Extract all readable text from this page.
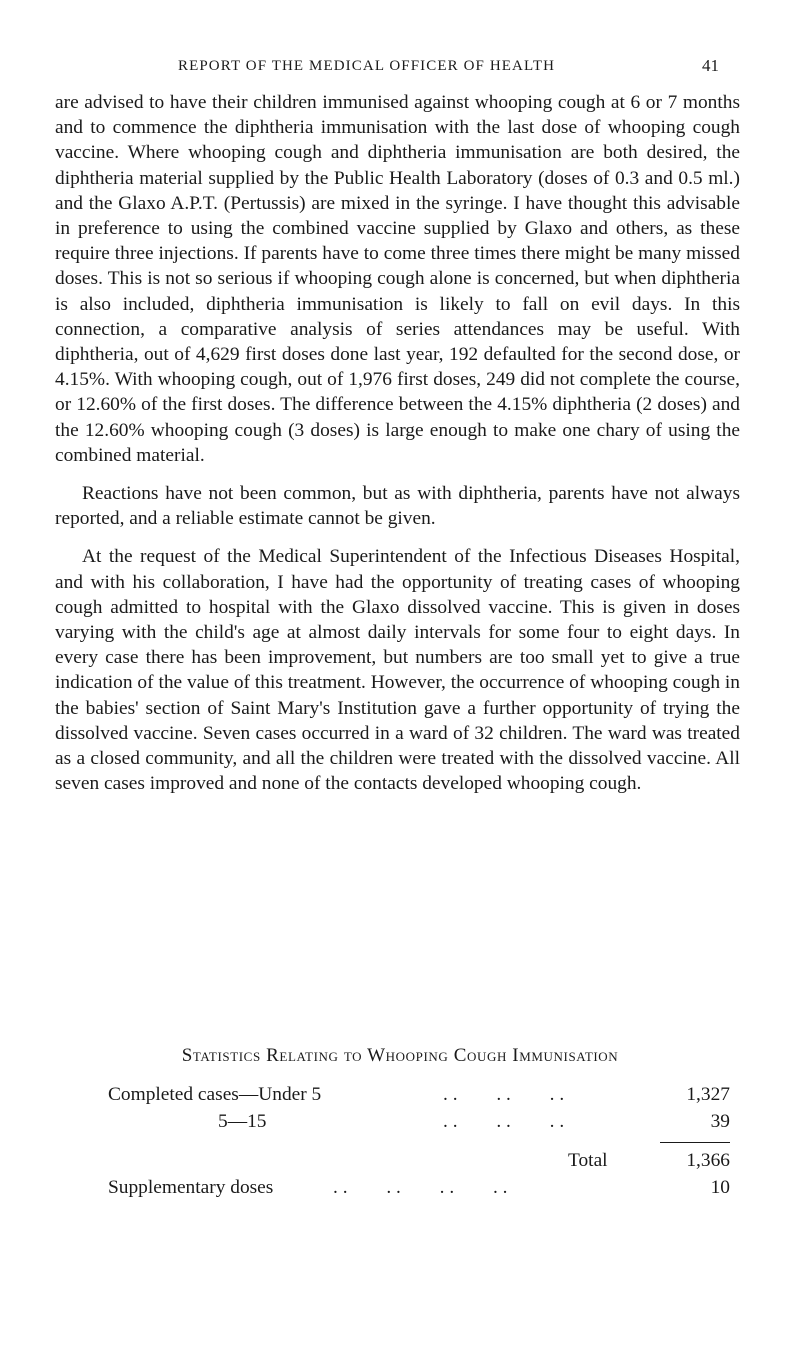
REPORT OF THE MEDICAL OFFICER OF HEALTH	41

are advised to have their children immunised against whooping cough at 6 or 7 months and to commence the diphtheria immunisation with the last dose of whooping cough vaccine. Where whooping cough and diphtheria immunisation are both desired, the diphtheria material supplied by the Public Health Laboratory (doses of 0.3 and 0.5 ml.) and the Glaxo A.P.T. (Pertussis) are mixed in the syringe. I have thought this advisable in preference to using the combined vaccine supplied by Glaxo and others, as these require three injections. If parents have to come three times there might be many missed doses. This is not so serious if whooping cough alone is concerned, but when diphtheria is also included, diphtheria immunisation is likely to fall on evil days. In this connection, a comparative analysis of series attendances may be useful. With diphtheria, out of 4,629 first doses done last year, 192 defaulted for the second dose, or 4.15%. With whooping cough, out of 1,976 first doses, 249 did not complete the course, or 12.60% of the first doses. The difference between the 4.15% diphtheria (2 doses) and the 12.60% whooping cough (3 doses) is large enough to make one chary of using the combined material.

Reactions have not been common, but as with diphtheria, parents have not always reported, and a reliable estimate cannot be given.

At the request of the Medical Superintendent of the Infectious Diseases Hospital, and with his collaboration, I have had the opportunity of treating cases of whooping cough admitted to hospital with the Glaxo dissolved vaccine. This is given in doses varying with the child's age at almost daily intervals for some four to eight days. In every case there has been improvement, but numbers are too small yet to give a true indication of the value of this treatment. However, the occurrence of whooping cough in the babies' section of Saint Mary's Institution gave a further opportunity of trying the dissolved vaccine. Seven cases occurred in a ward of 32 children. The ward was treated as a closed community, and all the children were treated with the dissolved vaccine. All seven cases improved and none of the contacts developed whooping cough.

Statistics Relating to Whooping Cough Immunisation
Completed cases—Under 5	. .        . .        . .	1,327
5—15	. .        . .        . .	39
Total	1,366
Supplementary doses	. .        . .        . .        . .	10
